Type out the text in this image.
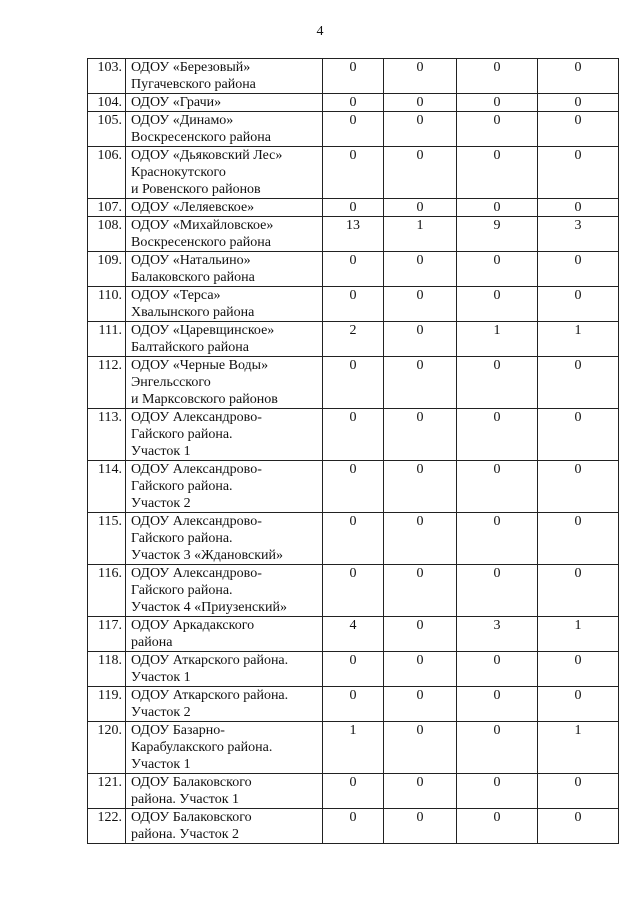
4
103.	ОДОУ «Березовый»
Пугачевского района	0	0	0	0
104.	ОДОУ «Грачи»	0	0	0	0
105.	ОДОУ «Динамо»
Воскресенского района	0	0	0	0
106.	ОДОУ «Дьяковский Лес»
Краснокутского
и Ровенского районов	0	0	0	0
107.	ОДОУ «Леляевское»	0	0	0	0
108.	ОДОУ «Михайловское»
Воскресенского района	13	1	9	3
109.	ОДОУ «Натальино»
Балаковского района	0	0	0	0
110.	ОДОУ «Терса»
Хвалынского района	0	0	0	0
111.	ОДОУ «Царевщинское»
Балтайского района	2	0	1	1
112.	ОДОУ «Черные Воды»
Энгельсского
и Марксовского районов	0	0	0	0
113.	ОДОУ Александрово-
Гайского района.
Участок 1	0	0	0	0
114.	ОДОУ Александрово-
Гайского района.
Участок 2	0	0	0	0
115.	ОДОУ Александрово-
Гайского района.
Участок 3 «Ждановский»	0	0	0	0
116.	ОДОУ Александрово-
Гайского района.
Участок 4 «Приузенский»	0	0	0	0
117.	ОДОУ Аркадакского
района	4	0	3	1
118.	ОДОУ Аткарского района.
Участок 1	0	0	0	0
119.	ОДОУ Аткарского района.
Участок 2	0	0	0	0
120.	ОДОУ Базарно-
Карабулакского района.
Участок 1	1	0	0	1
121.	ОДОУ Балаковского
района. Участок 1	0	0	0	0
122.	ОДОУ Балаковского
района. Участок 2	0	0	0	0
